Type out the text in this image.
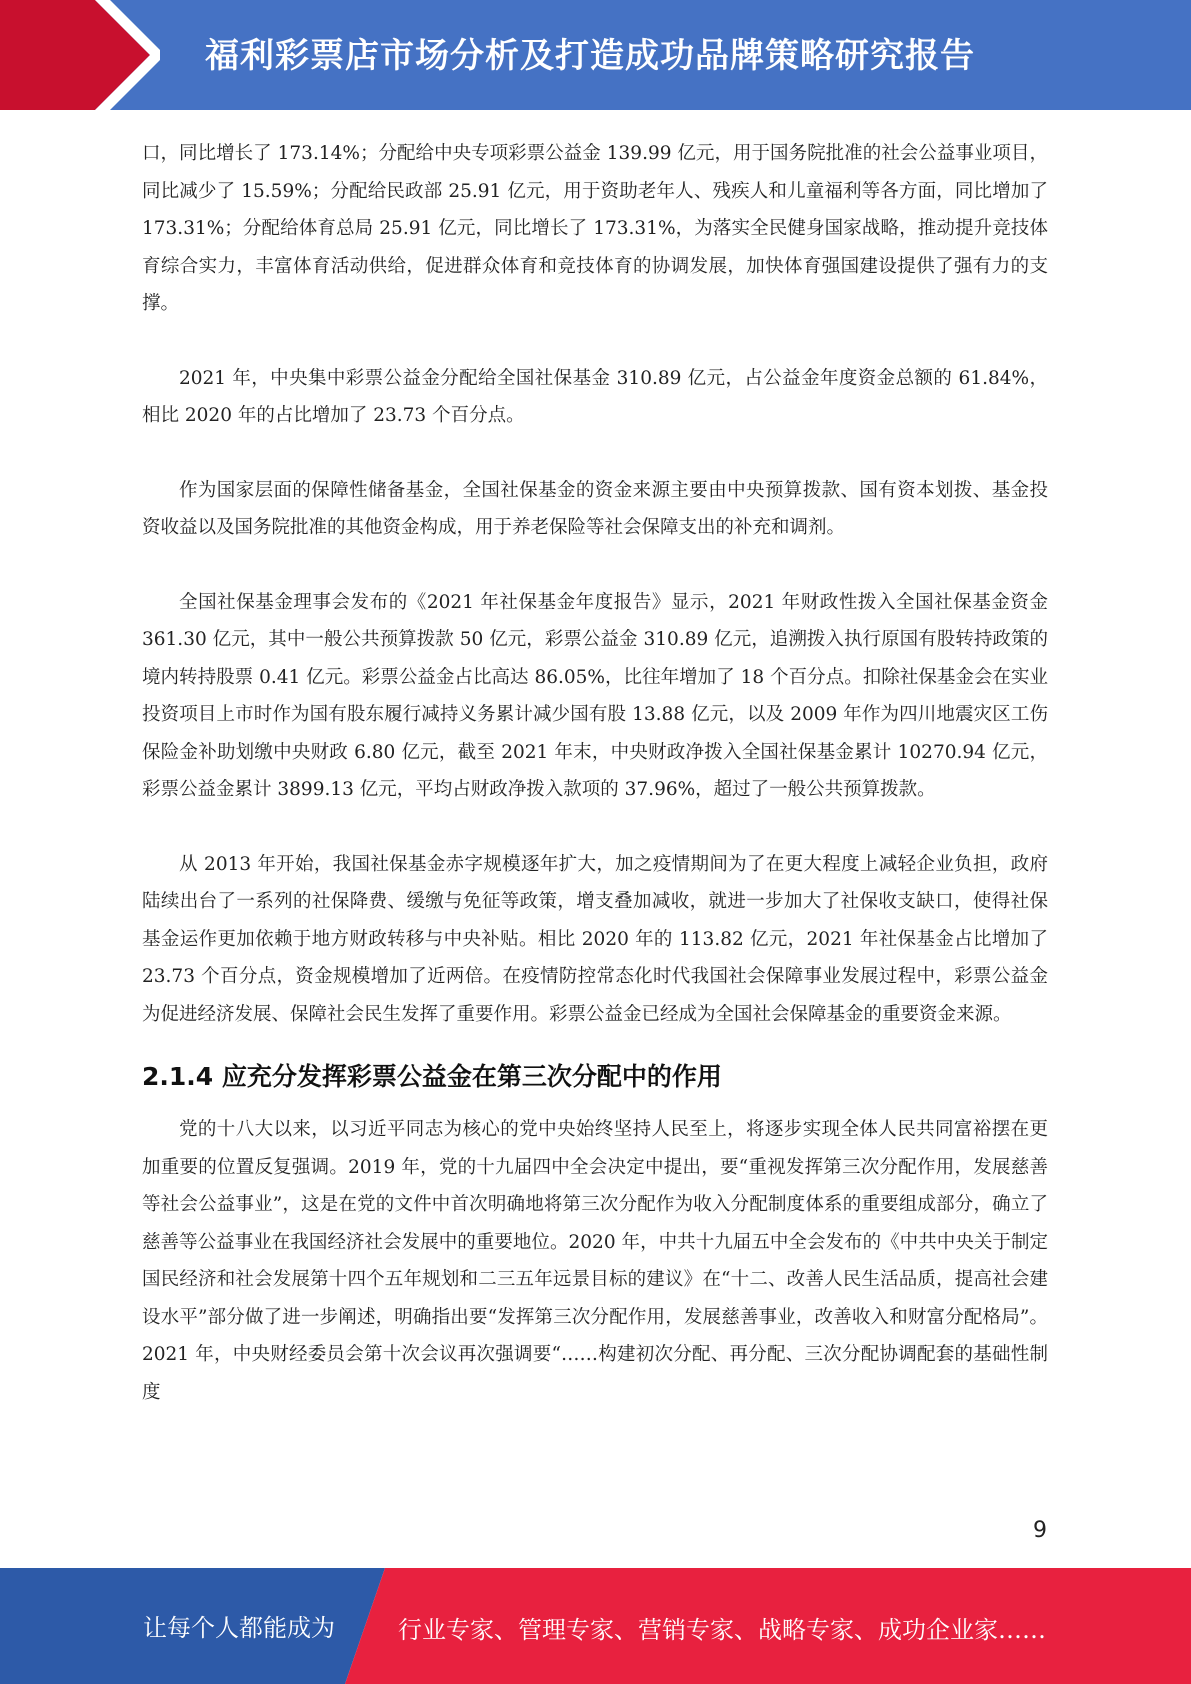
福利彩票店市场分析及打造成功品牌策略研究报告

口，同比增长了 173.14%；分配给中央专项彩票公益金 139.99 亿元，用于国务院批准的社会公益事业项目，同比减少了 15.59%；分配给民政部 25.91 亿元，用于资助老年人、残疾人和儿童福利等各方面，同比增加了 173.31%；分配给体育总局 25.91 亿元，同比增长了 173.31%，为落实全民健身国家战略，推动提升竞技体育综合实力，丰富体育活动供给，促进群众体育和竞技体育的协调发展，加快体育强国建设提供了强有力的支撑。

2021 年，中央集中彩票公益金分配给全国社保基金 310.89 亿元，占公益金年度资金总额的 61.84%，相比 2020 年的占比增加了 23.73 个百分点。

作为国家层面的保障性储备基金，全国社保基金的资金来源主要由中央预算拨款、国有资本划拨、基金投资收益以及国务院批准的其他资金构成，用于养老保险等社会保障支出的补充和调剂。

全国社保基金理事会发布的《2021 年社保基金年度报告》显示，2021 年财政性拨入全国社保基金资金 361.30 亿元，其中一般公共预算拨款 50 亿元，彩票公益金 310.89 亿元，追溯拨入执行原国有股转持政策的境内转持股票 0.41 亿元。彩票公益金占比高达 86.05%，比往年增加了 18 个百分点。扣除社保基金会在实业投资项目上市时作为国有股东履行减持义务累计减少国有股 13.88 亿元，以及 2009 年作为四川地震灾区工伤保险金补助划缴中央财政 6.80 亿元，截至 2021 年末，中央财政净拨入全国社保基金累计 10270.94 亿元，彩票公益金累计 3899.13 亿元，平均占财政净拨入款项的 37.96%，超过了一般公共预算拨款。

从 2013 年开始，我国社保基金赤字规模逐年扩大，加之疫情期间为了在更大程度上减轻企业负担，政府陆续出台了一系列的社保降费、缓缴与免征等政策，增支叠加减收，就进一步加大了社保收支缺口，使得社保基金运作更加依赖于地方财政转移与中央补贴。相比 2020 年的 113.82 亿元，2021 年社保基金占比增加了 23.73 个百分点，资金规模增加了近两倍。在疫情防控常态化时代我国社会保障事业发展过程中，彩票公益金为促进经济发展、保障社会民生发挥了重要作用。彩票公益金已经成为全国社会保障基金的重要资金来源。

2.1.4 应充分发挥彩票公益金在第三次分配中的作用

党的十八大以来，以习近平同志为核心的党中央始终坚持人民至上，将逐步实现全体人民共同富裕摆在更加重要的位置反复强调。2019 年，党的十九届四中全会决定中提出，要“重视发挥第三次分配作用，发展慈善等社会公益事业”，这是在党的文件中首次明确地将第三次分配作为收入分配制度体系的重要组成部分，确立了慈善等公益事业在我国经济社会发展中的重要地位。2020 年，中共十九届五中全会发布的《中共中央关于制定国民经济和社会发展第十四个五年规划和二三五年远景目标的建议》在“十二、改善人民生活品质，提高社会建设水平”部分做了进一步阐述，明确指出要“发挥第三次分配作用，发展慈善事业，改善收入和财富分配格局”。2021 年，中央财经委员会第十次会议再次强调要“……构建初次分配、再分配、三次分配协调配套的基础性制度

9
让每个人都能成为	行业专家、管理专家、营销专家、战略专家、成功企业家……
